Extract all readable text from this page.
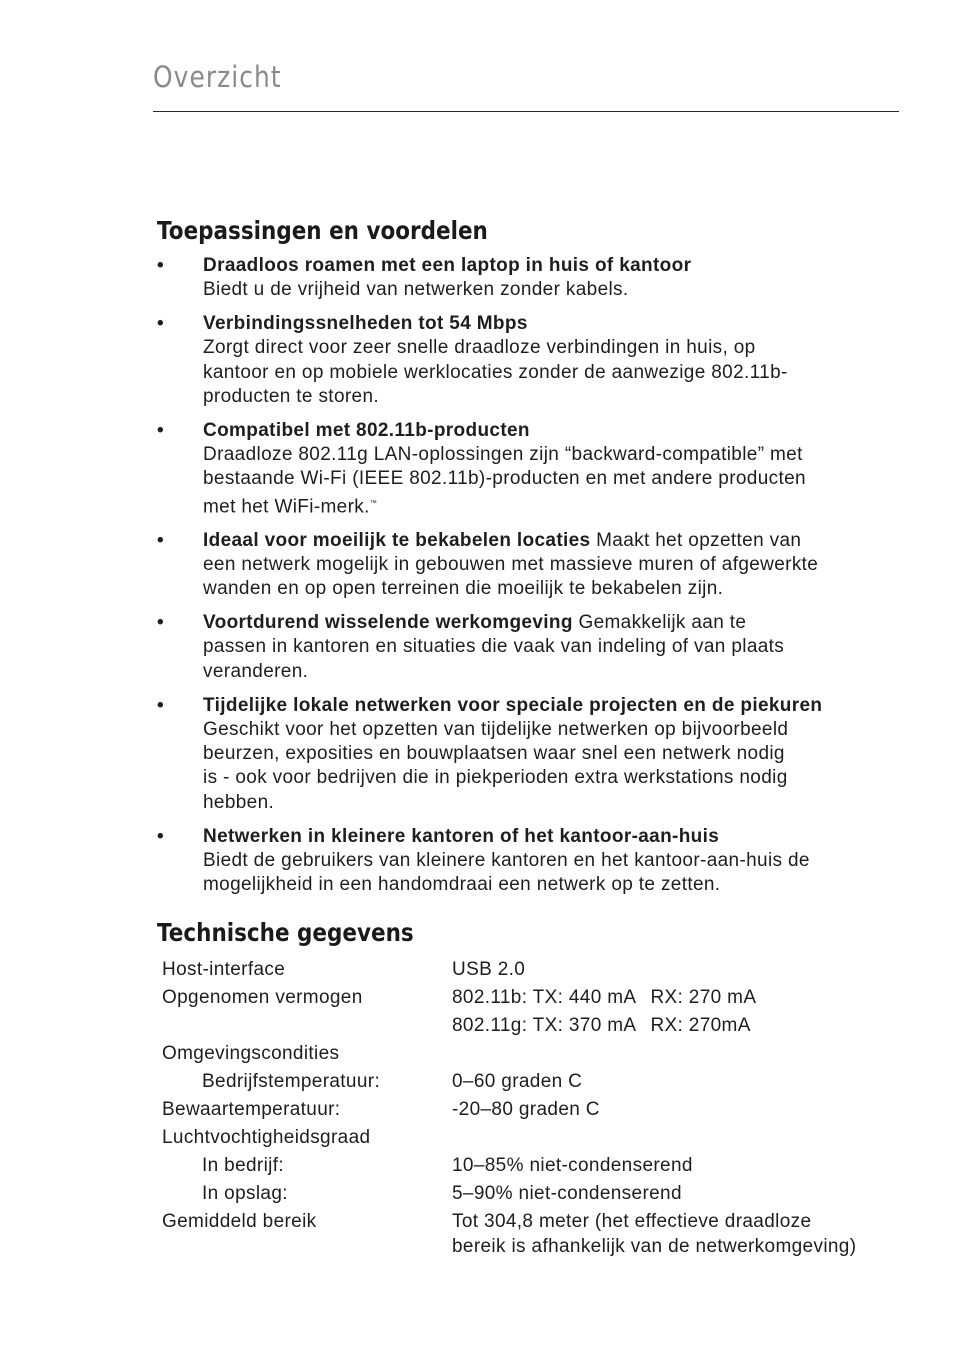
Overzicht
Toepassingen en voordelen
• Draadloos roamen met een laptop in huis of kantoor
Biedt u de vrijheid van netwerken zonder kabels.
• Verbindingssnelheden tot 54 Mbps
Zorgt direct voor zeer snelle draadloze verbindingen in huis, op
kantoor en op mobiele werklocaties zonder de aanwezige 802.11b-
producten te storen.
• Compatibel met 802.11b-producten
Draadloze 802.11g LAN-oplossingen zijn “backward-compatible” met
bestaande Wi-Fi (IEEE 802.11b)-producten en met andere producten
met het WiFi-merk.™
• Ideaal voor moeilijk te bekabelen locaties Maakt het opzetten van
een netwerk mogelijk in gebouwen met massieve muren of afgewerkte
wanden en op open terreinen die moeilijk te bekabelen zijn.
• Voortdurend wisselende werkomgeving Gemakkelijk aan te
passen in kantoren en situaties die vaak van indeling of van plaats
veranderen.
• Tijdelijke lokale netwerken voor speciale projecten en de piekuren
Geschikt voor het opzetten van tijdelijke netwerken op bijvoorbeeld
beurzen, exposities en bouwplaatsen waar snel een netwerk nodig
is - ook voor bedrijven die in piekperioden extra werkstations nodig
hebben.
• Netwerken in kleinere kantoren of het kantoor-aan-huis
Biedt de gebruikers van kleinere kantoren en het kantoor-aan-huis de
mogelijkheid in een handomdraai een netwerk op te zetten.
Technische gegevens
Host-interface	USB 2.0
Opgenomen vermogen	802.11b: TX: 440 mA RX: 270 mA
802.11g: TX: 370 mA RX: 270mA
Omgevingscondities
Bedrijfstemperatuur:	0–60 graden C
Bewaartemperatuur:	-20–80 graden C
Luchtvochtigheidsgraad
In bedrijf:	10–85% niet-condenserend
In opslag:	5–90% niet-condenserend
Gemiddeld bereik	Tot 304,8 meter (het effectieve draadloze
bereik is afhankelijk van de netwerkomgeving)
